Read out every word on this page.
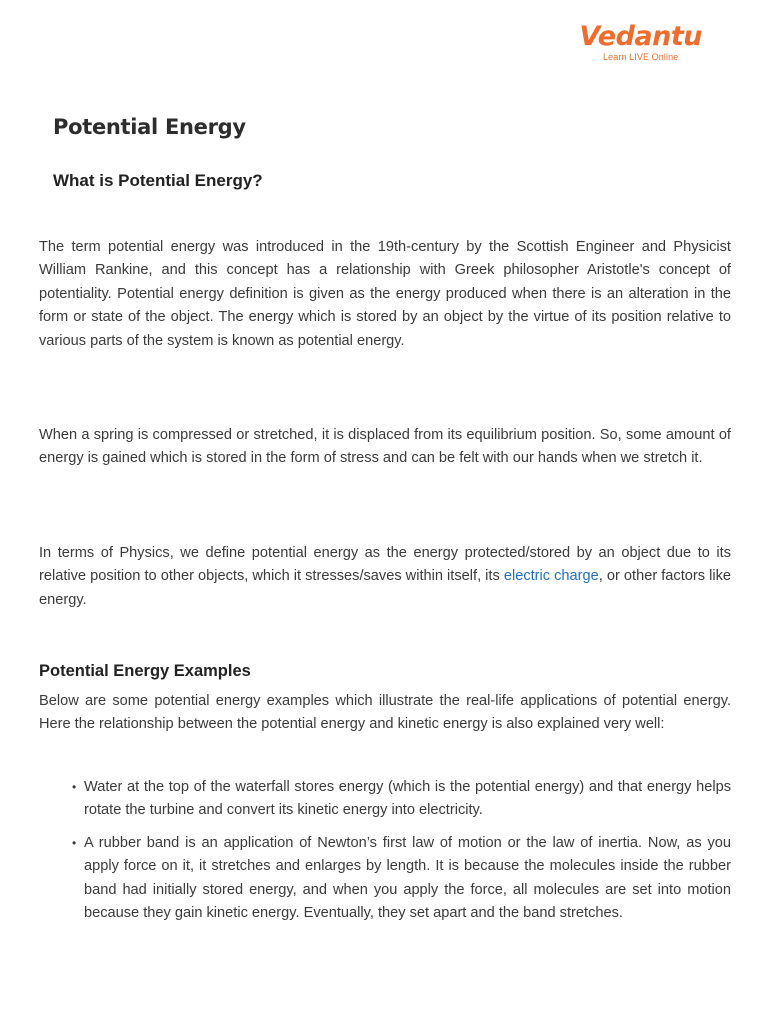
Vedantu
Learn LIVE Online
Potential Energy
What is Potential Energy?

The term potential energy was introduced in the 19th-century by the Scottish Engineer and Physicist William Rankine, and this concept has a relationship with Greek philosopher Aristotle's concept of potentiality. Potential energy definition is given as the energy produced when there is an alteration in the form or state of the object. The energy which is stored by an object by the virtue of its position relative to various parts of the system is known as potential energy.

When a spring is compressed or stretched, it is displaced from its equilibrium position. So, some amount of energy is gained which is stored in the form of stress and can be felt with our hands when we stretch it.

In terms of Physics, we define potential energy as the energy protected/stored by an object due to its relative position to other objects, which it stresses/saves within itself, its electric charge, or other factors like energy.

Potential Energy Examples

Below are some potential energy examples which illustrate the real-life applications of potential energy. Here the relationship between the potential energy and kinetic energy is also explained very well:

• Water at the top of the waterfall stores energy (which is the potential energy) and that energy helps rotate the turbine and convert its kinetic energy into electricity.
• A rubber band is an application of Newton’s first law of motion or the law of inertia. Now, as you apply force on it, it stretches and enlarges by length. It is because the molecules inside the rubber band had initially stored energy, and when you apply the force, all molecules are set into motion because they gain kinetic energy. Eventually, they set apart and the band stretches.
